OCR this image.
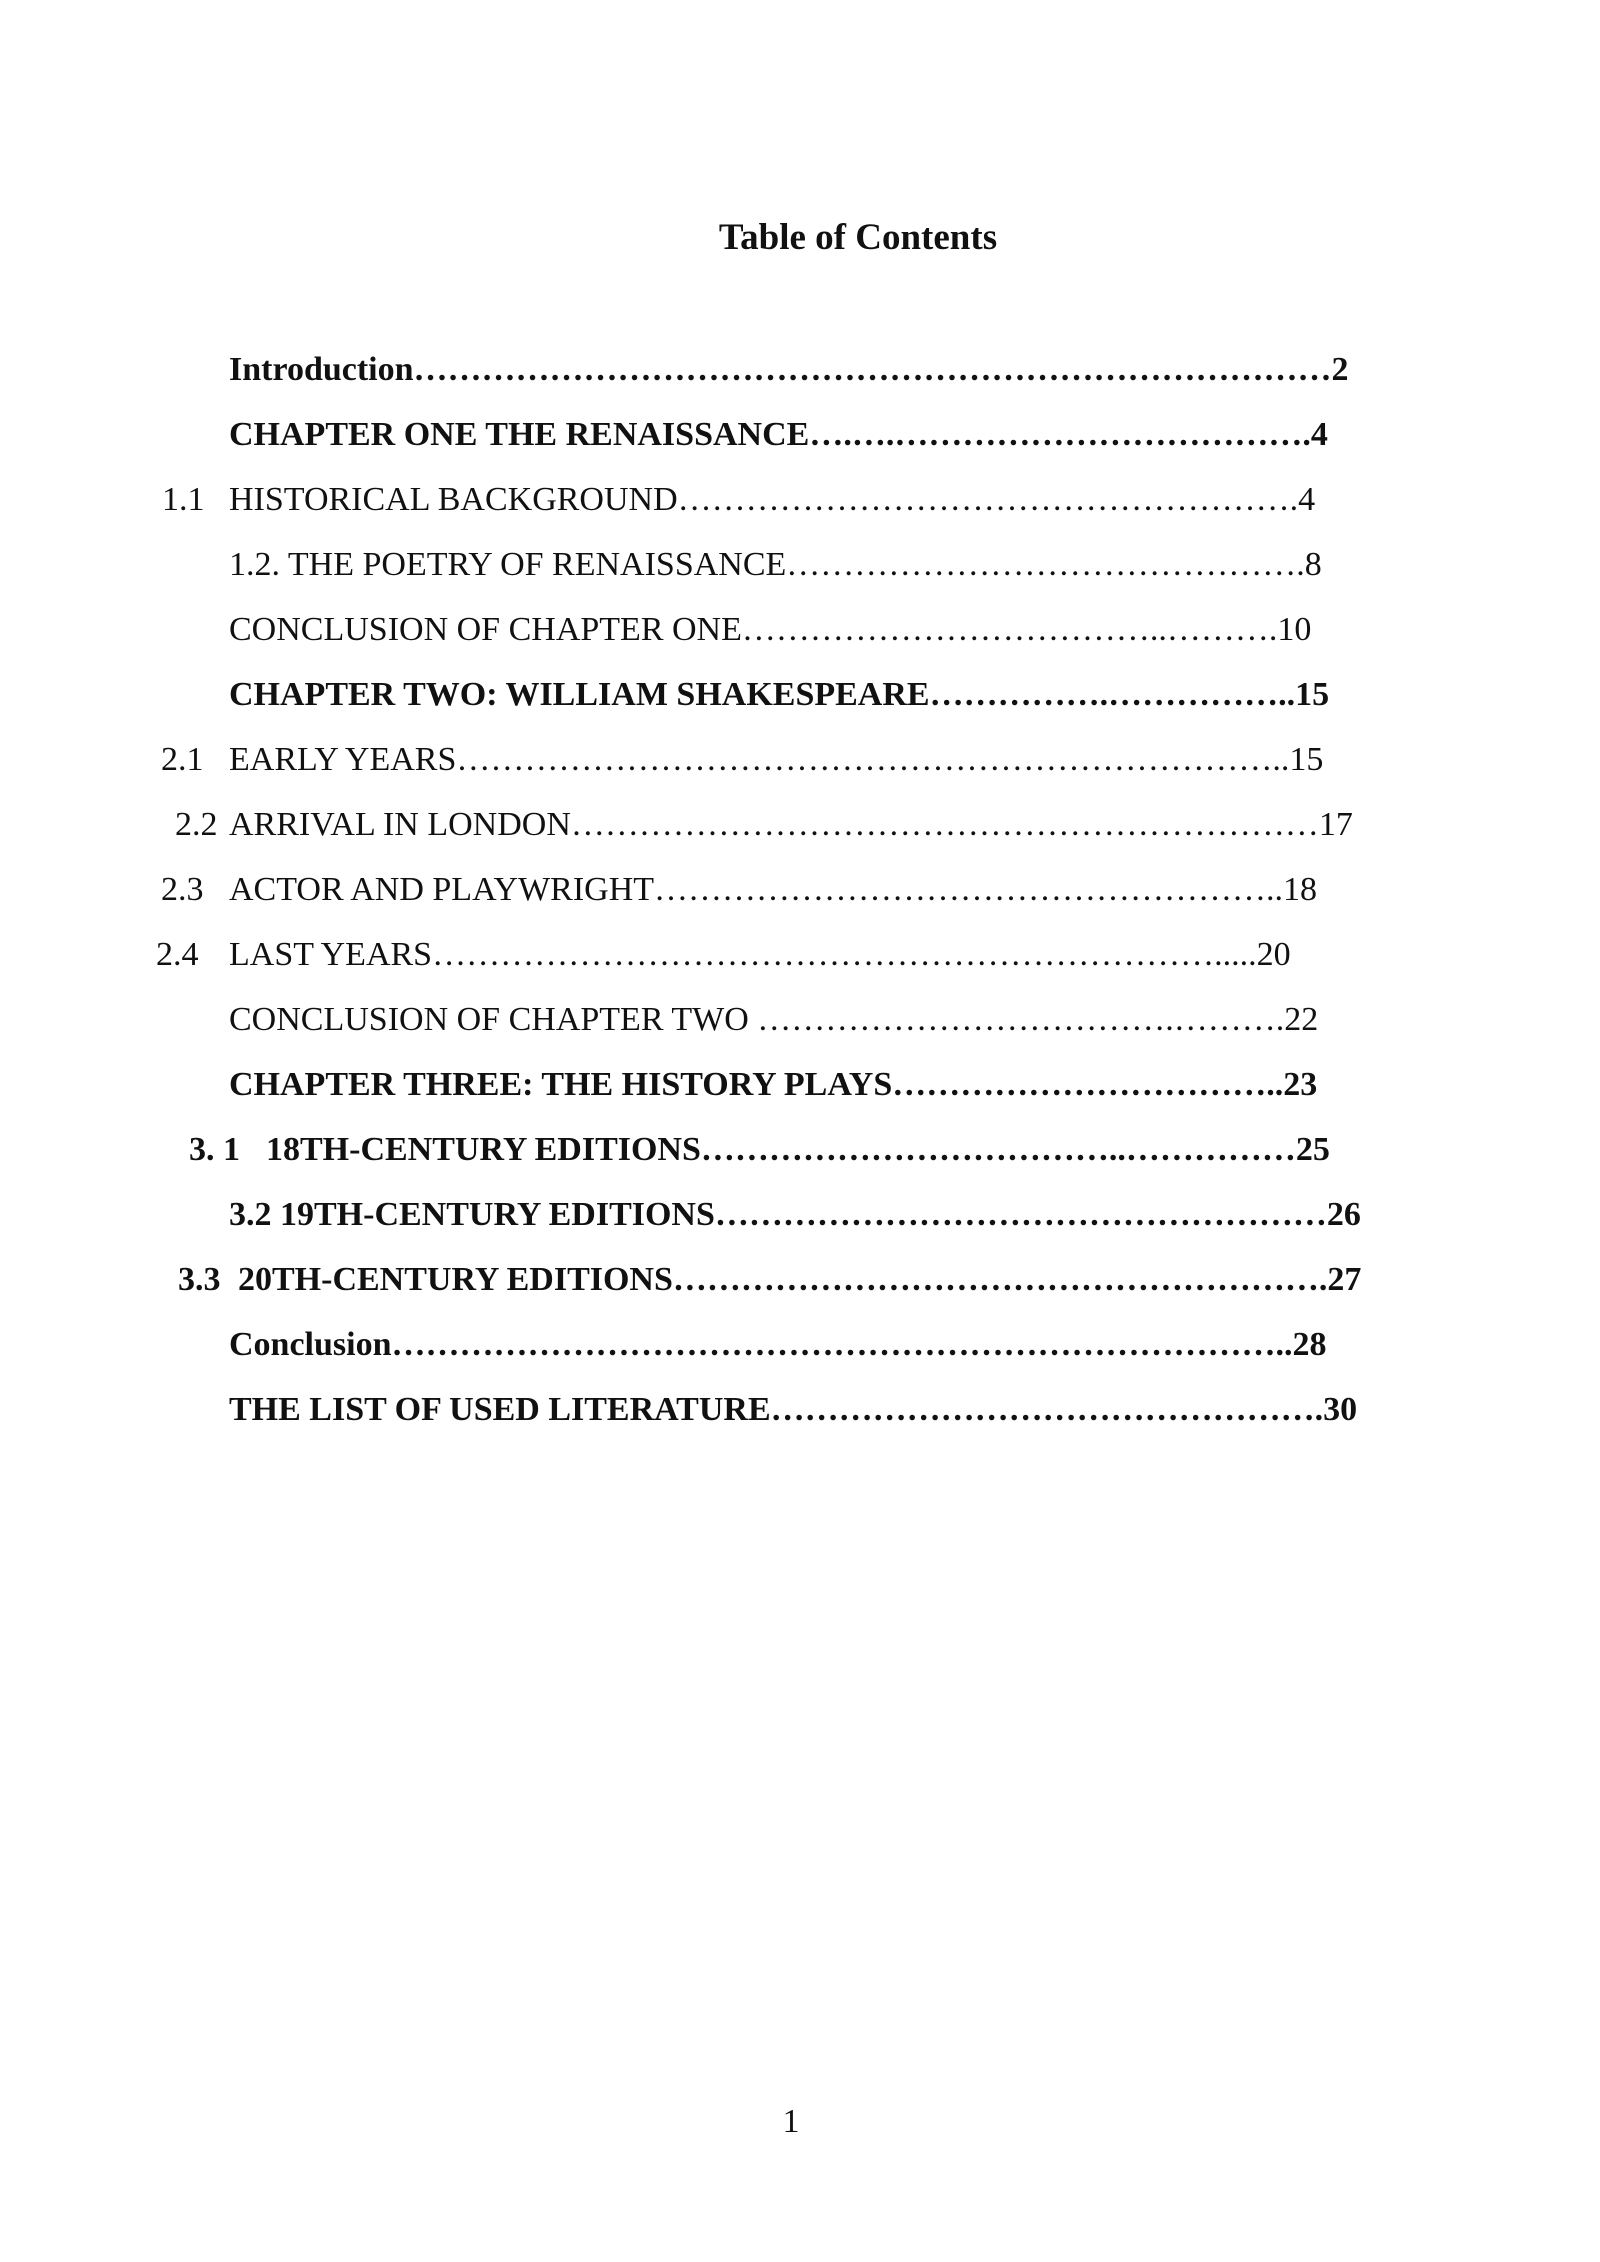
Table of Contents
Introduction………………………………………………………………………2
CHAPTER ONE THE RENAISSANCE….….……………………………….4
1.1 HISTORICAL BACKGROUND……………………………………………….4
1.2. THE POETRY OF RENAISSANCE……………………………………….8
CONCLUSION OF CHAPTER ONE………………………………..……….10
CHAPTER TWO: WILLIAM SHAKESPEARE…………….……………..15
2.1 EARLY YEARS………………………………………………………………..15
2.2 ARRIVAL IN LONDON…………………………………………………………17
2.3 ACTOR AND PLAYWRIGHT………………………………………………..18
2.4 LAST YEARS…………………………………………………………….....20
CONCLUSION OF CHAPTER TWO ……………………………….……….22
CHAPTER THREE: THE HISTORY PLAYS……………………………..23
3. 1 18TH-CENTURY EDITIONS………………………………..……………25
3.2 19TH-CENTURY EDITIONS………………………………………………26
3.3 20TH-CENTURY EDITIONS………………………………………………….27
Conclusion……………………………………………………………………..28
THE LIST OF USED LITERATURE………………………………………….30
1
